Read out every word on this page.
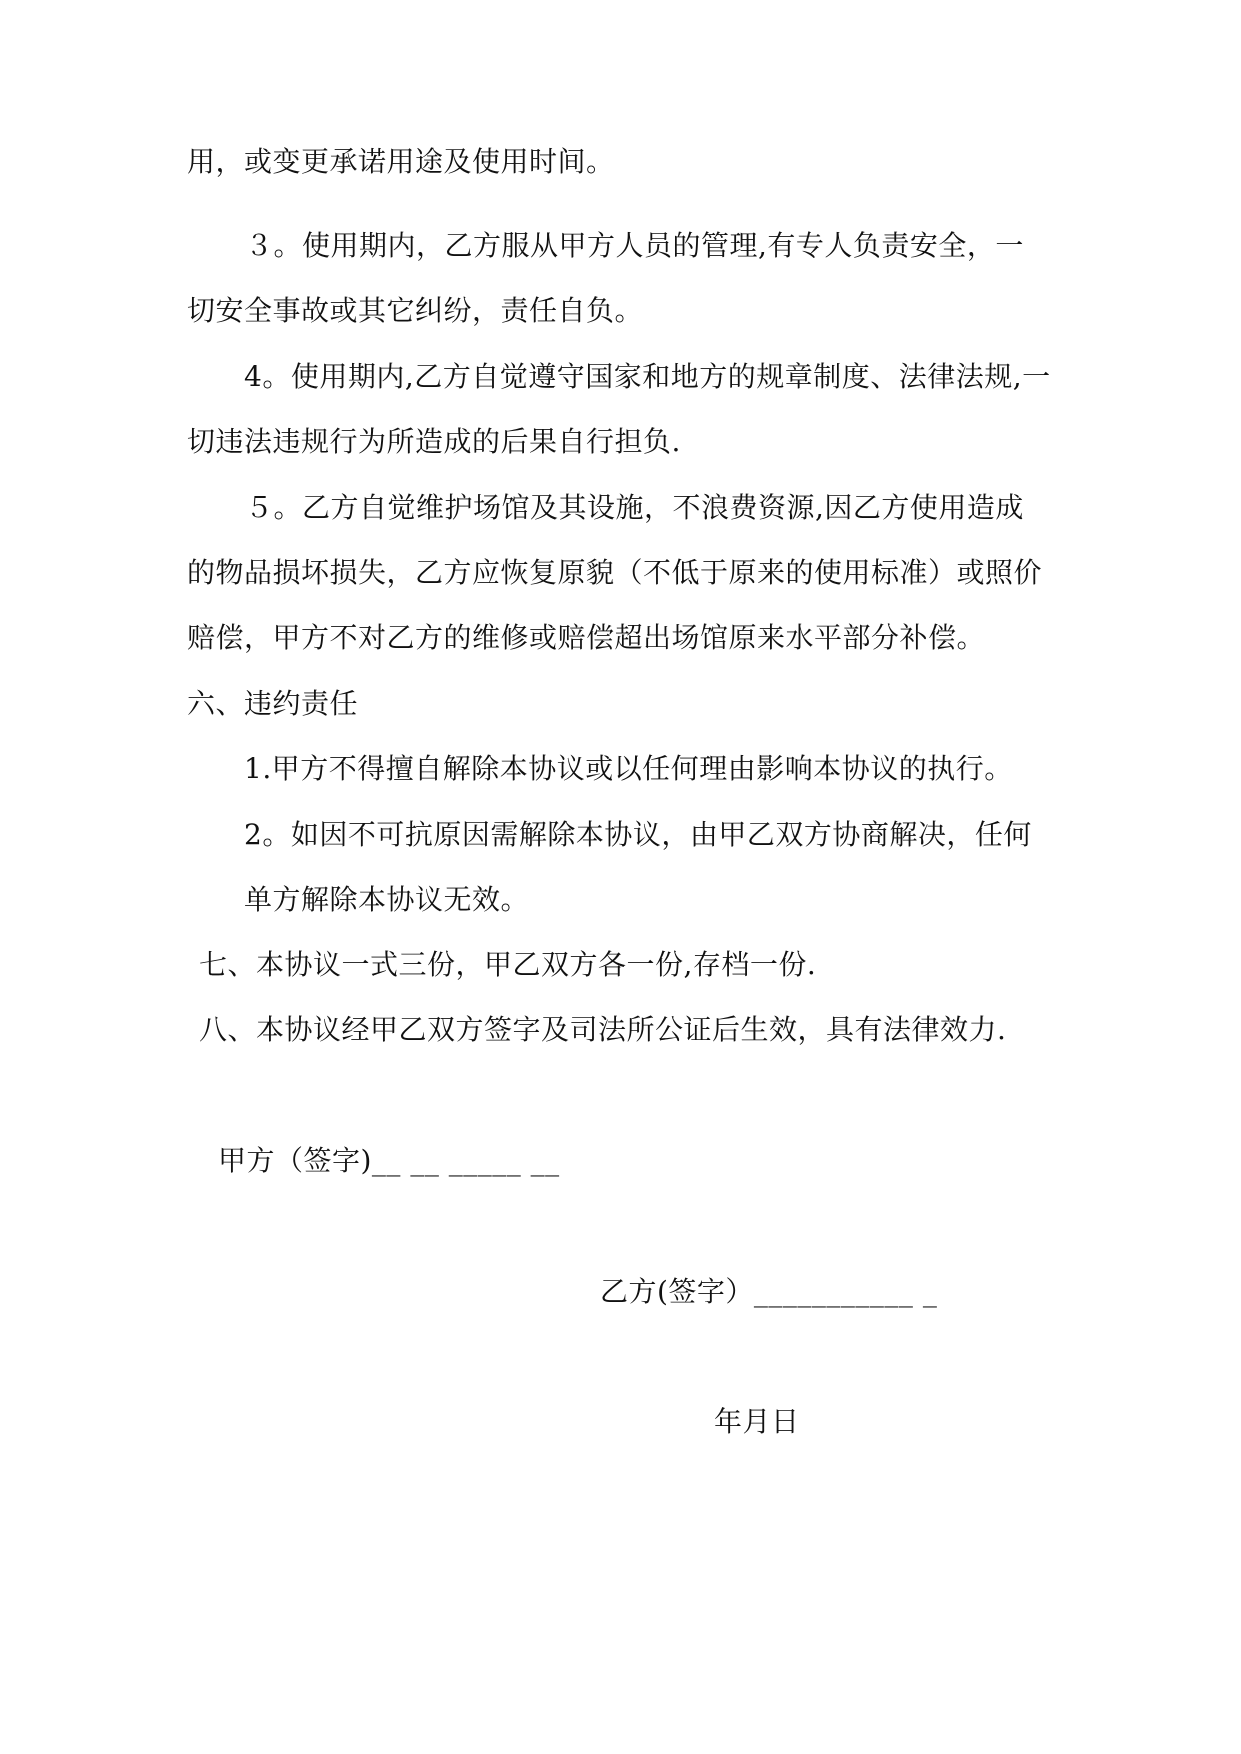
用，或变更承诺用途及使用时间。
３。使用期内，乙方服从甲方人员的管理,有专人负责安全，一
切安全事故或其它纠纷，责任自负。
4。使用期内,乙方自觉遵守国家和地方的规章制度、法律法规,一
切违法违规行为所造成的后果自行担负.
５。乙方自觉维护场馆及其设施，不浪费资源,因乙方使用造成
的物品损坏损失，乙方应恢复原貌（不低于原来的使用标准）或照价
赔偿，甲方不对乙方的维修或赔偿超出场馆原来水平部分补偿。
六、违约责任
1.甲方不得擅自解除本协议或以任何理由影响本协议的执行。
2。如因不可抗原因需解除本协议，由甲乙双方协商解决，任何
单方解除本协议无效。
七、本协议一式三份，甲乙双方各一份,存档一份.
八、本协议经甲乙双方签字及司法所公证后生效，具有法律效力.
甲方（签字)__ __ _____ __
乙方(签字）___________ _
年月日
